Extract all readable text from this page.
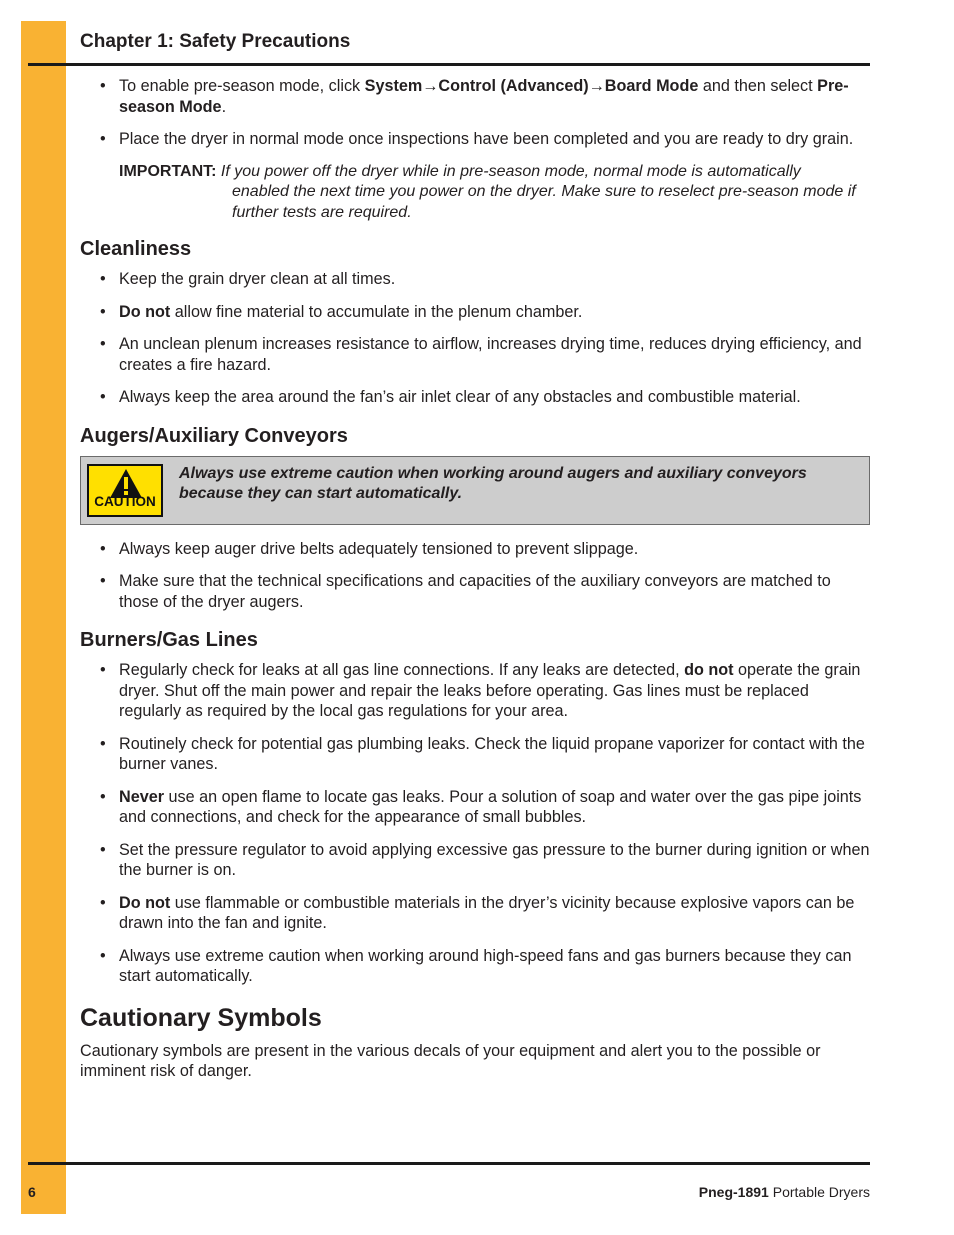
Chapter 1: Safety Precautions
• To enable pre-season mode, click System→Control (Advanced)→Board Mode and then select Pre-season Mode.
• Place the dryer in normal mode once inspections have been completed and you are ready to dry grain.
IMPORTANT: If you power off the dryer while in pre-season mode, normal mode is automatically
enabled the next time you power on the dryer. Make sure to reselect pre-season mode if further tests are required.
Cleanliness
• Keep the grain dryer clean at all times.
• Do not allow fine material to accumulate in the plenum chamber.
• An unclean plenum increases resistance to airflow, increases drying time, reduces drying efficiency, and creates a fire hazard.
• Always keep the area around the fan’s air inlet clear of any obstacles and combustible material.
Augers/Auxiliary Conveyors
CAUTION
Always use extreme caution when working around augers and auxiliary conveyors because they can start automatically.
• Always keep auger drive belts adequately tensioned to prevent slippage.
• Make sure that the technical specifications and capacities of the auxiliary conveyors are matched to those of the dryer augers.
Burners/Gas Lines
• Regularly check for leaks at all gas line connections. If any leaks are detected, do not operate the grain dryer. Shut off the main power and repair the leaks before operating. Gas lines must be replaced regularly as required by the local gas regulations for your area.
• Routinely check for potential gas plumbing leaks. Check the liquid propane vaporizer for contact with the burner vanes.
• Never use an open flame to locate gas leaks. Pour a solution of soap and water over the gas pipe joints and connections, and check for the appearance of small bubbles.
• Set the pressure regulator to avoid applying excessive gas pressure to the burner during ignition or when the burner is on.
• Do not use flammable or combustible materials in the dryer’s vicinity because explosive vapors can be drawn into the fan and ignite.
• Always use extreme caution when working around high-speed fans and gas burners because they can start automatically.
Cautionary Symbols

Cautionary symbols are present in the various decals of your equipment and alert you to the possible or imminent risk of danger.

6	Pneg-1891 Portable Dryers
